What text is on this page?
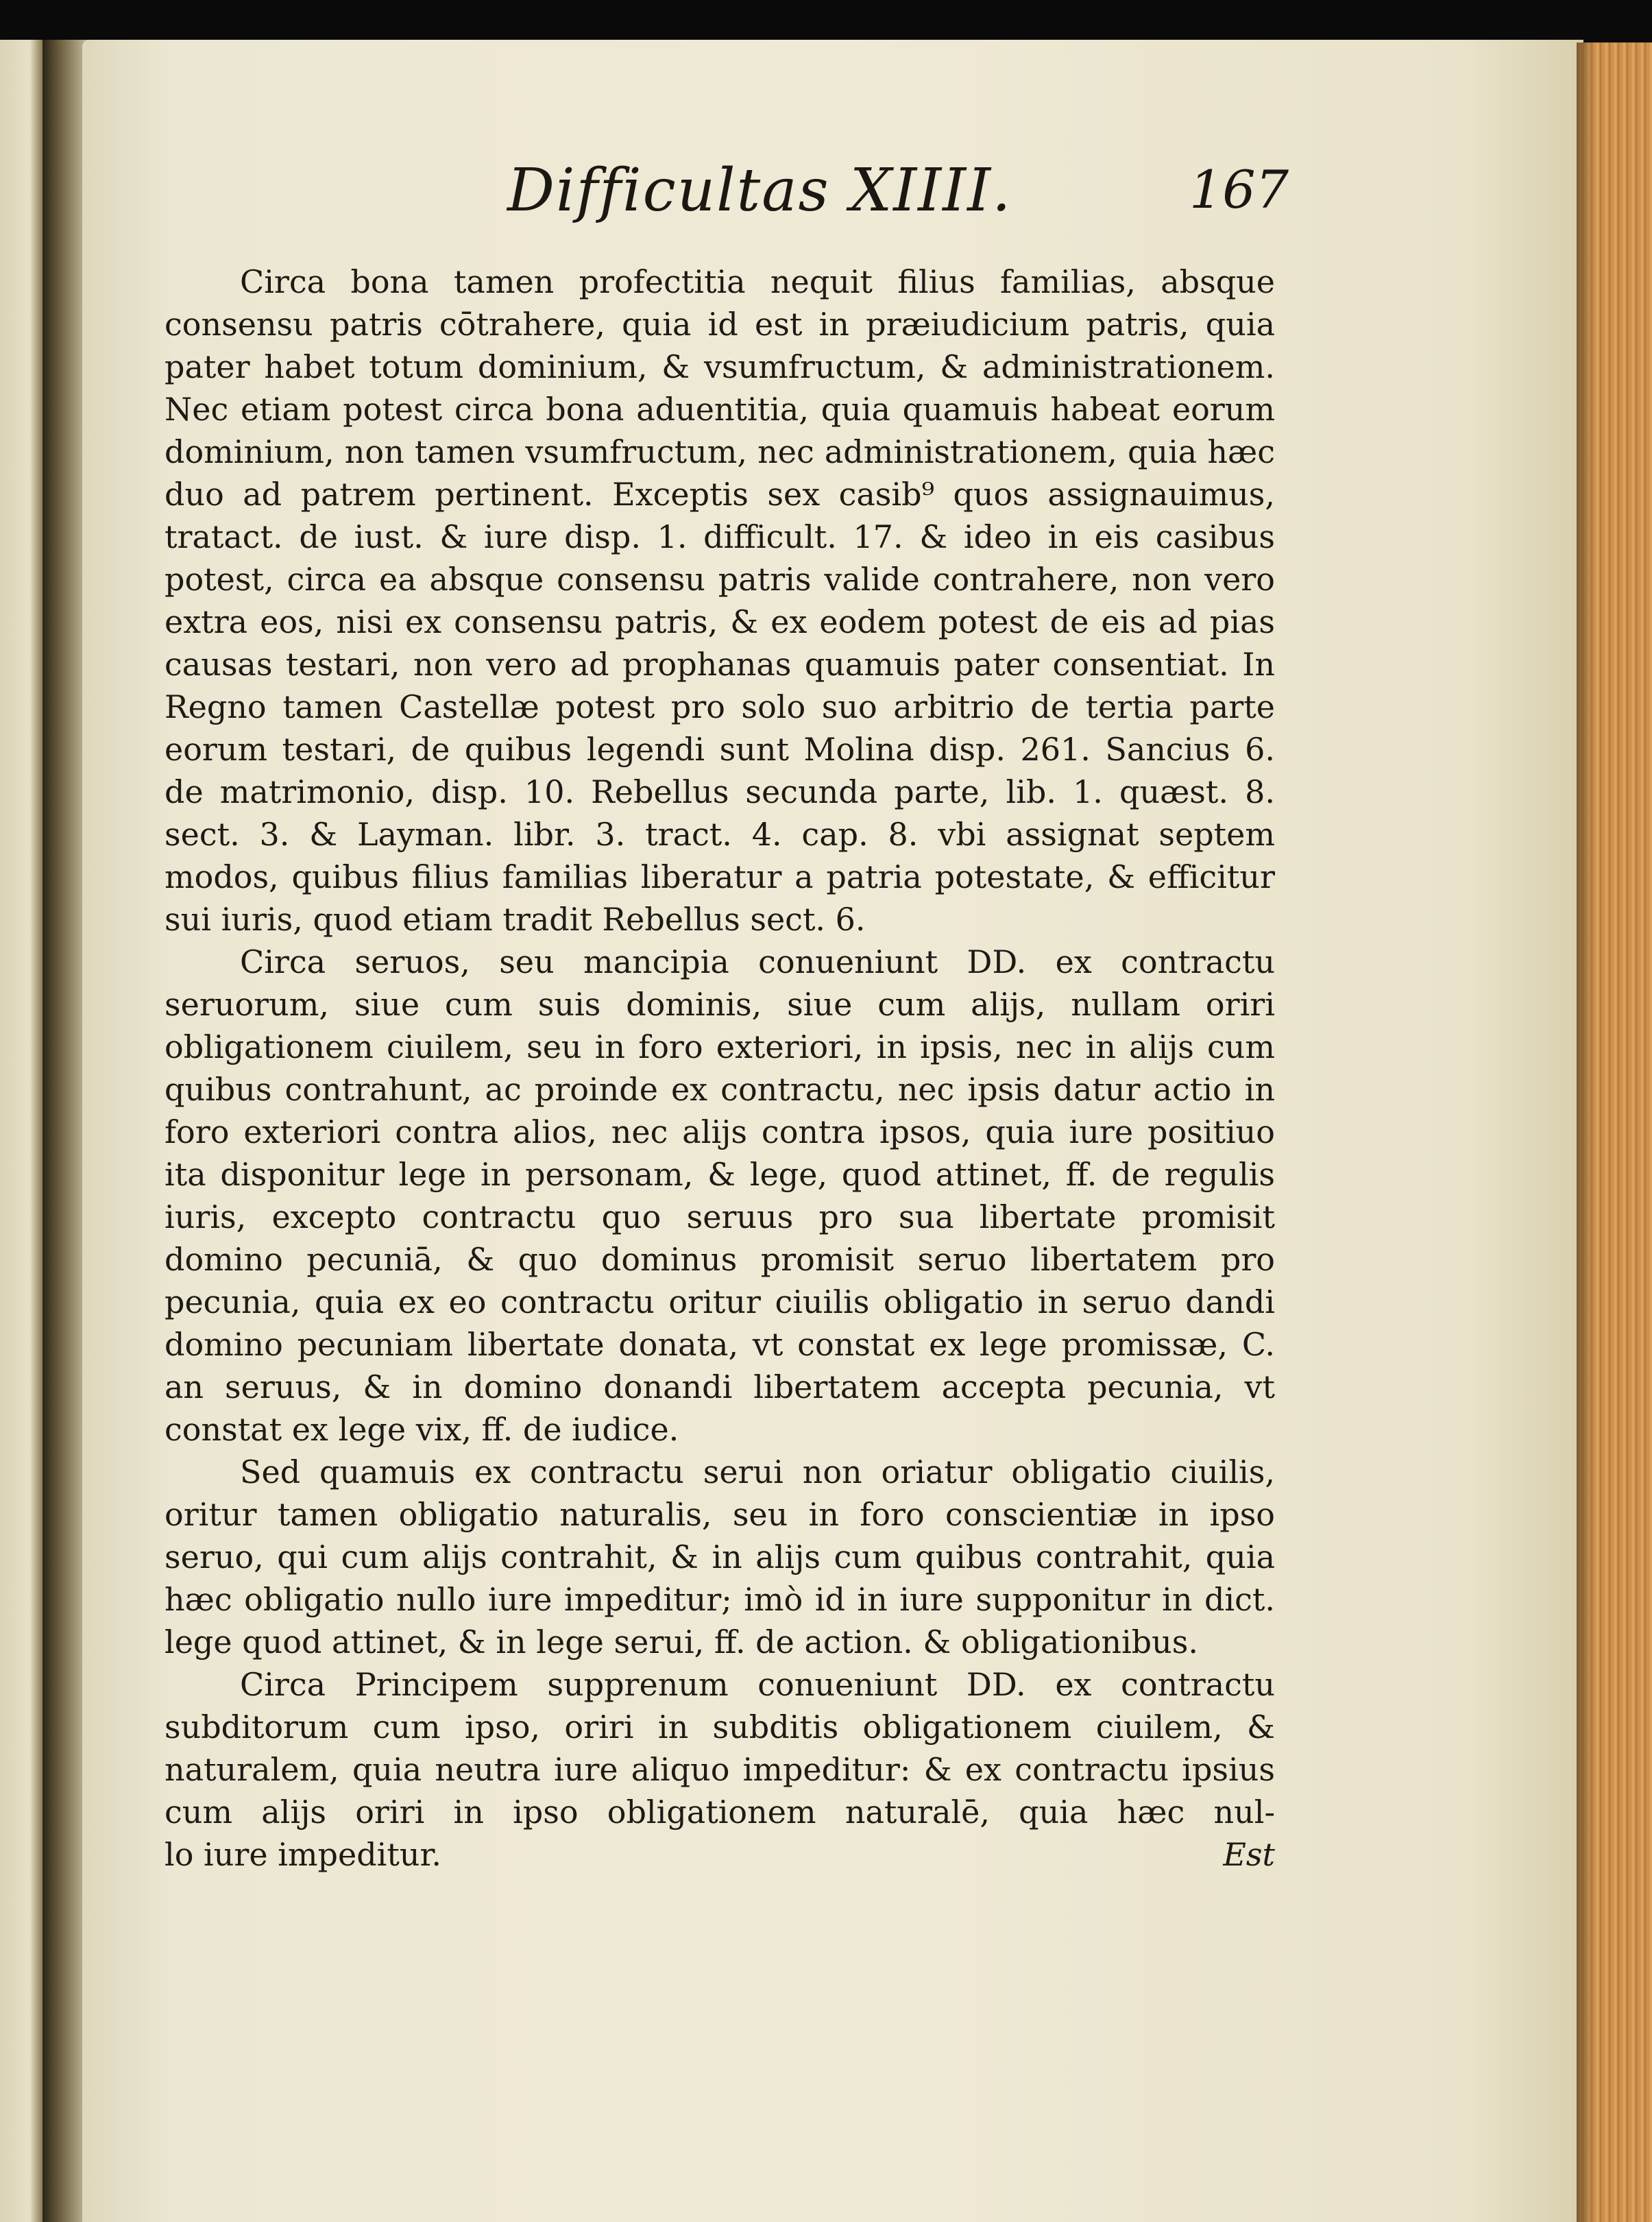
Difficultas XIIII.	167

Circa bona tamen profectitia nequit filius familias, absque consensu patris cōtrahere, quia id est in præiudicium patris, quia pater habet totum dominium, & vsumfructum, & administrationem. Nec etiam potest circa bona aduentitia, quia quamuis habeat eorum dominium, non tamen vsumfructum, nec administrationem, quia hæc duo ad patrem pertinent. Exceptis sex casib⁹ quos assignauimus, tratact. de iust. & iure disp. 1. difficult. 17. & ideo in eis casibus potest, circa ea absque consensu patris valide contrahere, non vero extra eos, nisi ex consensu patris, & ex eodem potest de eis ad pias causas testari, non vero ad prophanas quamuis pater consentiat. In Regno tamen Castellæ potest pro solo suo arbitrio de tertia parte eorum testari, de quibus legendi sunt Molina disp. 261. Sancius 6. de matrimonio, disp. 10. Rebellus secunda parte, lib. 1. quæst. 8. sect. 3. & Layman. libr. 3. tract. 4. cap. 8. vbi assignat septem modos, quibus filius familias liberatur a patria potestate, & efficitur sui iuris, quod etiam tradit Rebellus sect. 6.

Circa seruos, seu mancipia conueniunt DD. ex contractu seruorum, siue cum suis dominis, siue cum alijs, nullam oriri obligationem ciuilem, seu in foro exteriori, in ipsis, nec in alijs cum quibus contrahunt, ac proinde ex contractu, nec ipsis datur actio in foro exteriori contra alios, nec alijs contra ipsos, quia iure positiuo ita disponitur lege in personam, & lege, quod attinet, ff. de regulis iuris, excepto contractu quo seruus pro sua libertate promisit domino pecuniā, & quo dominus promisit seruo libertatem pro pecunia, quia ex eo contractu oritur ciuilis obligatio in seruo dandi domino pecuniam libertate donata, vt constat ex lege promissæ, C. an seruus, & in domino donandi libertatem accepta pecunia, vt constat ex lege vix, ff. de iudice.

Sed quamuis ex contractu serui non oriatur obligatio ciuilis, oritur tamen obligatio naturalis, seu in foro conscientiæ in ipso seruo, qui cum alijs contrahit, & in alijs cum quibus contrahit, quia hæc obligatio nullo iure impeditur; imò id in iure supponitur in dict. lege quod attinet, & in lege serui, ff. de action. & obligationibus.

Circa Principem supprenum conueniunt DD. ex contractu subditorum cum ipso, oriri in subditis obligationem ciuilem, & naturalem, quia neutra iure aliquo impeditur: & ex contractu ipsius cum alijs oriri in ipso obligationem naturalē, quia hæc nul-

lo iure impeditur.	Est
